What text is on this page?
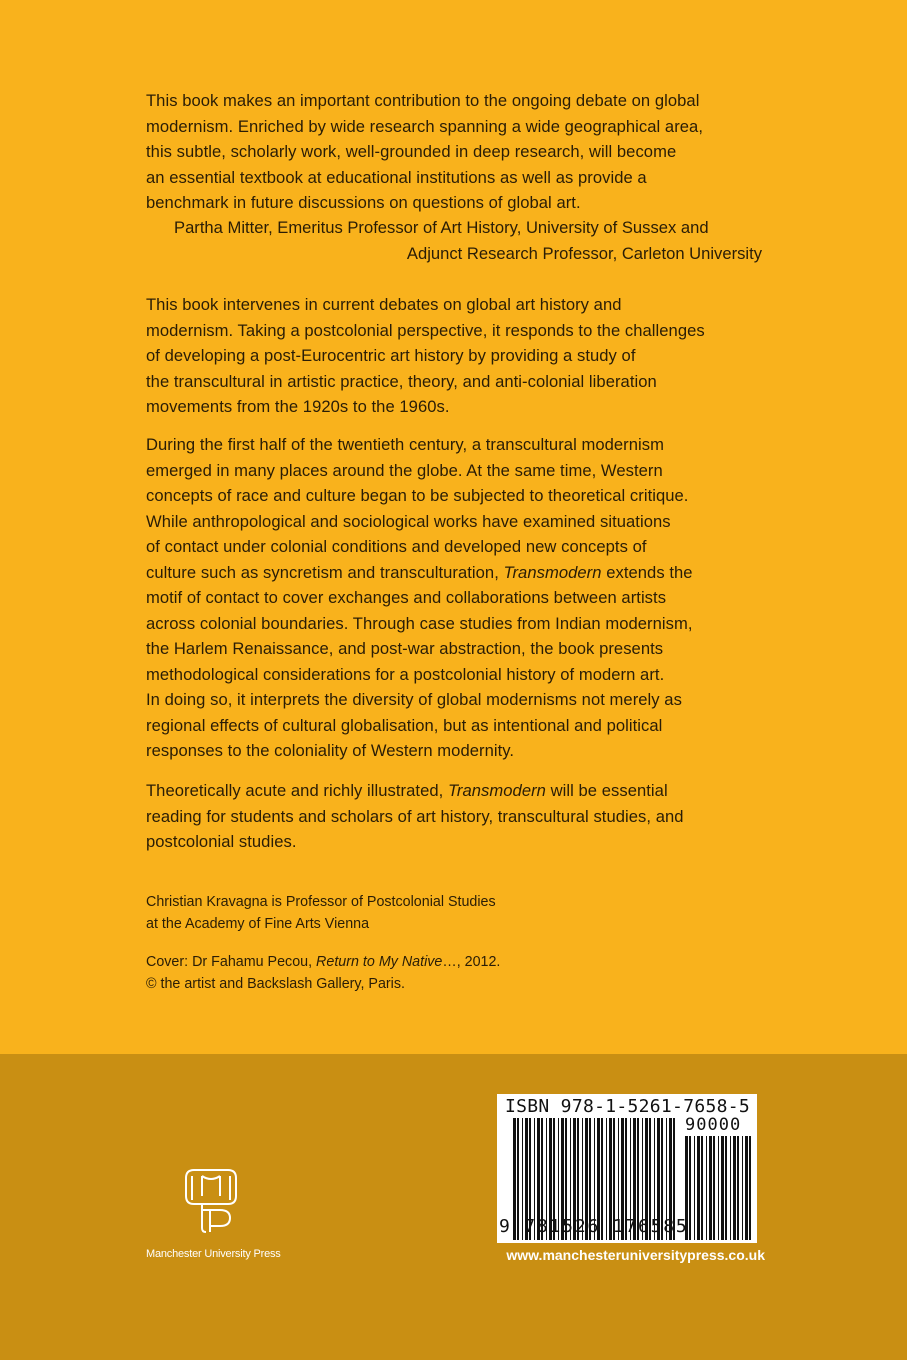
This book makes an important contribution to the ongoing debate on global
modernism. Enriched by wide research spanning a wide geographical area,
this subtle, scholarly work, well-grounded in deep research, will become
an essential textbook at educational institutions as well as provide a
benchmark in future discussions on questions of global art.
Partha Mitter, Emeritus Professor of Art History, University of Sussex and
Adjunct Research Professor, Carleton University
This book intervenes in current debates on global art history and
modernism. Taking a postcolonial perspective, it responds to the challenges
of developing a post-Eurocentric art history by providing a study of
the transcultural in artistic practice, theory, and anti-colonial liberation
movements from the 1920s to the 1960s.
During the first half of the twentieth century, a transcultural modernism
emerged in many places around the globe. At the same time, Western
concepts of race and culture began to be subjected to theoretical critique.
While anthropological and sociological works have examined situations
of contact under colonial conditions and developed new concepts of
culture such as syncretism and transculturation, Transmodern extends the
motif of contact to cover exchanges and collaborations between artists
across colonial boundaries. Through case studies from Indian modernism,
the Harlem Renaissance, and post-war abstraction, the book presents
methodological considerations for a postcolonial history of modern art.
In doing so, it interprets the diversity of global modernisms not merely as
regional effects of cultural globalisation, but as intentional and political
responses to the coloniality of Western modernity.
Theoretically acute and richly illustrated, Transmodern will be essential
reading for students and scholars of art history, transcultural studies, and
postcolonial studies.
Christian Kravagna is Professor of Postcolonial Studies
at the Academy of Fine Arts Vienna
Cover: Dr Fahamu Pecou, Return to My Native…, 2012.
© the artist and Backslash Gallery, Paris.
Manchester University Press
ISBN 978-1-5261-7658-5
90000
9 781526 176585
www.manchesteruniversitypress.co.uk
